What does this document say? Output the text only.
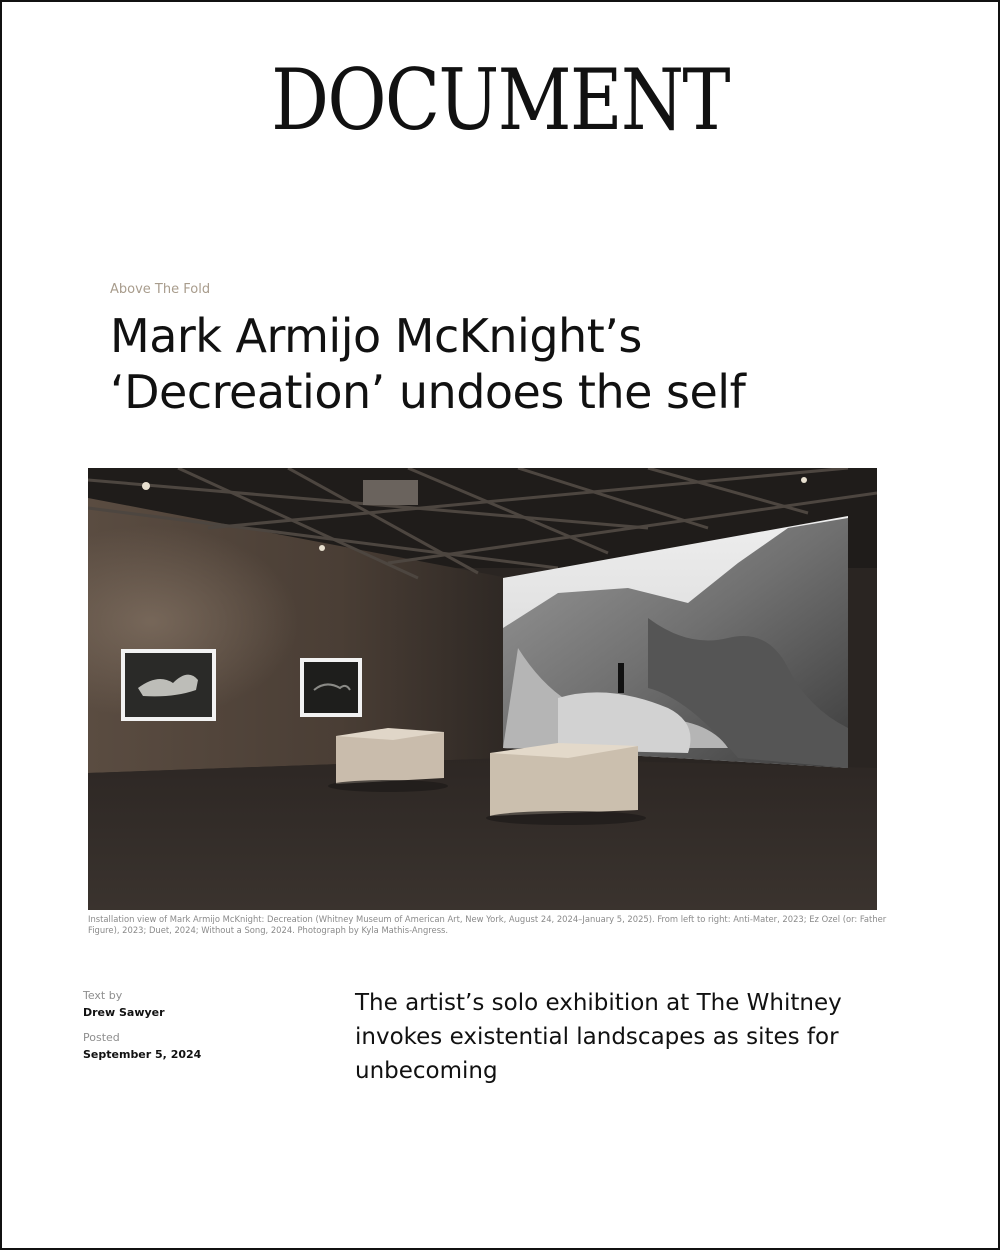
DOCUMENT
Above The Fold
Mark Armijo McKnight’s
‘Decreation’ undoes the self
Installation view of Mark Armijo McKnight: Decreation (Whitney Museum of American Art, New York, August 24, 2024–January 5, 2025). From left to right: Anti-Mater, 2023; Ez Ozel (or: Father Figure), 2023; Duet, 2024; Without a Song, 2024. Photograph by Kyla Mathis-Angress.

Text by

Drew Sawyer

Posted

September 5, 2024

The artist’s solo exhibition at The Whitney invokes existential landscapes as sites for unbecoming
